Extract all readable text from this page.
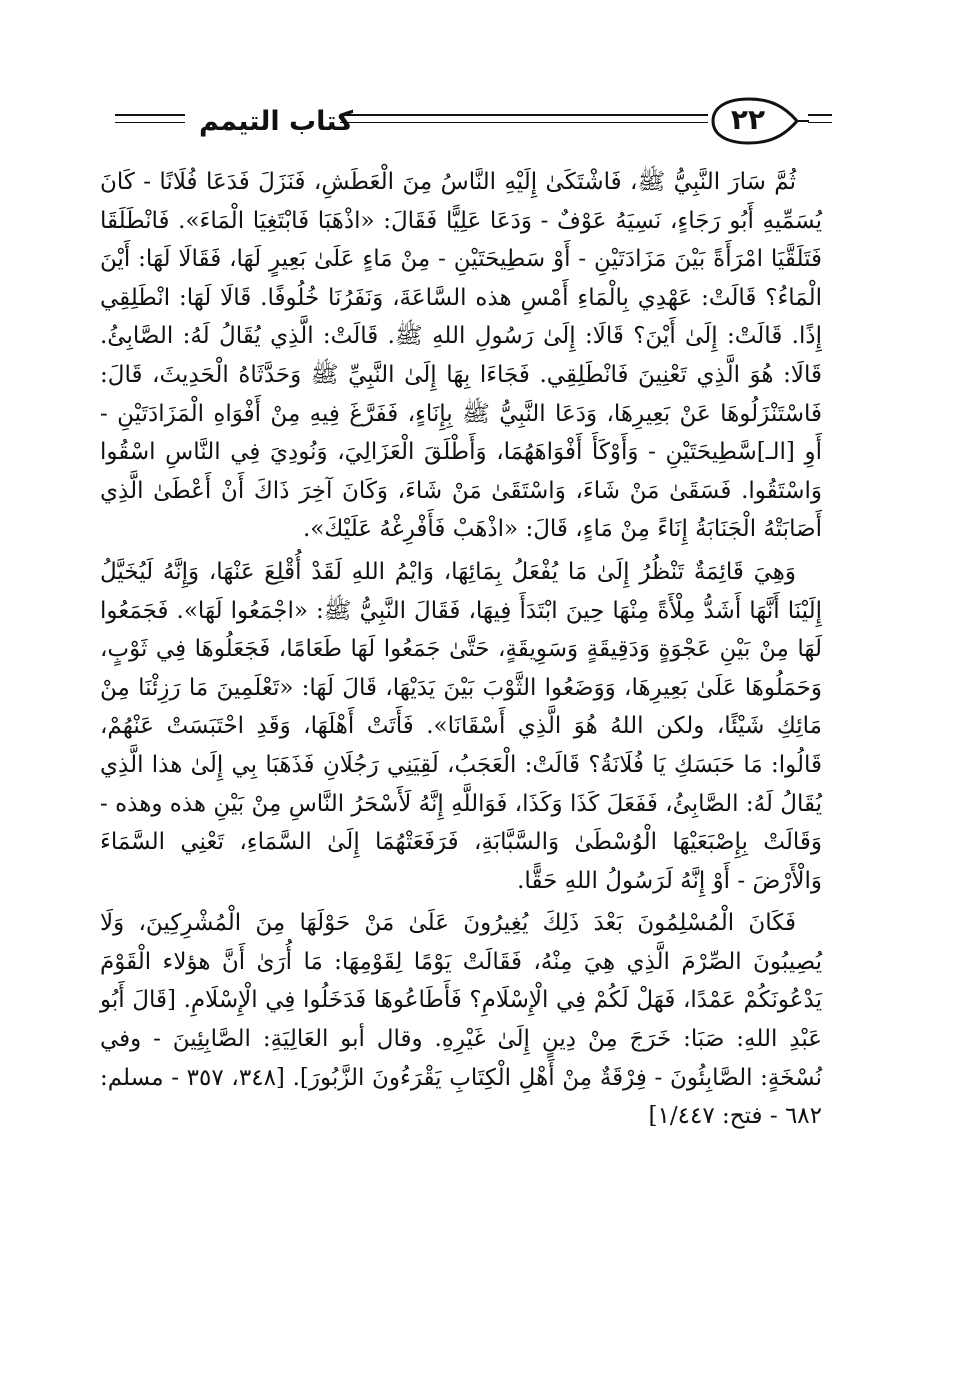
كتاب التيمم	٢٢

ثُمَّ سَارَ النَّبِيُّ ﷺ، فَاشْتَكَىٰ إِلَيْهِ النَّاسُ مِنَ الْعَطَشِ، فَنَزَلَ فَدَعَا فُلَانًا - كَانَ يُسَمِّيهِ أَبُو رَجَاءٍ، نَسِيَهُ عَوْفٌ - وَدَعَا عَلِيًّا فَقَالَ: «اذْهَبَا فَابْتَغِيَا الْمَاءَ». فَانْطَلَقَا فَتَلَقَّيَا امْرَأَةً بَيْنَ مَزَادَتَيْنِ - أَوْ سَطِيحَتَيْنِ - مِنْ مَاءٍ عَلَىٰ بَعِيرٍ لَهَا، فَقَالَا لَهَا: أَيْنَ الْمَاءُ؟ قَالَتْ: عَهْدِي بِالْمَاءِ أَمْسِ هذه السَّاعَةَ، وَنَفَرُنَا خُلُوفًا. قَالَا لَهَا: انْطَلِقِي إِذًا. قَالَتْ: إِلَىٰ أَيْنَ؟ قَالَا: إِلَىٰ رَسُولِ اللهِ ﷺ. قَالَتْ: الَّذِي يُقَالُ لَهُ: الصَّابِئُ. قَالَا: هُوَ الَّذِي تَعْنِينَ فَانْطَلِقِي. فَجَاءَا بِهَا إِلَىٰ النَّبِيِّ ﷺ وَحَدَّثَاهُ الْحَدِيثَ، قَالَ: فَاسْتَنْزَلُوهَا عَنْ بَعِيرِهَا، وَدَعَا النَّبِيُّ ﷺ بِإِنَاءٍ، فَفَرَّغَ فِيهِ مِنْ أَفْوَاهِ الْمَزَادَتَيْنِ - أَوِ [الـ]سَّطِيحَتَيْنِ - وَأَوْكَأَ أَفْوَاهَهُمَا، وَأَطْلَقَ الْعَزَالِيَ، وَنُودِيَ فِي النَّاسِ اسْقُوا وَاسْتَقُوا. فَسَقَىٰ مَنْ شَاءَ، وَاسْتَقَىٰ مَنْ شَاءَ، وَكَانَ آخِرَ ذَاكَ أَنْ أَعْطَىٰ الَّذِي أَصَابَتْهُ الْجَنَابَةُ إِنَاءً مِنْ مَاءٍ، قَالَ: «اذْهَبْ فَأَفْرِغْهُ عَلَيْكَ».

وَهِيَ قَائِمَةٌ تَنْظُرُ إِلَىٰ مَا يُفْعَلُ بِمَائِهَا، وَايْمُ اللهِ لَقَدْ أُقْلِعَ عَنْهَا، وَإِنَّهُ لَيُخَيَّلُ إِلَيْنَا أَنَّهَا أَشَدُّ مِلْأَةً مِنْهَا حِينَ ابْتَدَأَ فِيهَا، فَقَالَ النَّبِيُّ ﷺ: «اجْمَعُوا لَهَا». فَجَمَعُوا لَهَا مِنْ بَيْنِ عَجْوَةٍ وَدَقِيقَةٍ وَسَوِيقَةٍ، حَتَّىٰ جَمَعُوا لَهَا طَعَامًا، فَجَعَلُوهَا فِي ثَوْبٍ، وَحَمَلُوهَا عَلَىٰ بَعِيرِهَا، وَوَضَعُوا الثَّوْبَ بَيْنَ يَدَيْهَا، قَالَ لَهَا: «تَعْلَمِينَ مَا رَزِئْنَا مِنْ مَائِكِ شَيْئًا، ولكن اللهُ هُوَ الَّذِي أَسْقَانَا». فَأَتَتْ أَهْلَهَا، وَقَدِ احْتَبَسَتْ عَنْهُمْ، قَالُوا: مَا حَبَسَكِ يَا فُلَانَةُ؟ قَالَتْ: الْعَجَبُ، لَقِيَنِي رَجُلَانِ فَذَهَبَا بِي إِلَىٰ هذا الَّذِي يُقَالُ لَهُ: الصَّابِئُ، فَفَعَلَ كَذَا وَكَذَا، فَوَاللَّهِ إِنَّهُ لَأَسْحَرُ النَّاسِ مِنْ بَيْنِ هذه وهذه - وَقَالَتْ بِإِصْبَعَيْهَا الْوُسْطَىٰ وَالسَّبَّابَةِ، فَرَفَعَتْهُمَا إِلَىٰ السَّمَاءِ، تَعْنِي السَّمَاءَ وَالْأَرْضَ - أَوْ إِنَّهُ لَرَسُولُ اللهِ حَقًّا.

فَكَانَ الْمُسْلِمُونَ بَعْدَ ذَلِكَ يُغِيرُونَ عَلَىٰ مَنْ حَوْلَهَا مِنَ الْمُشْرِكِينَ، وَلَا يُصِيبُونَ الصِّرْمَ الَّذِي هِيَ مِنْهُ، فَقَالَتْ يَوْمًا لِقَوْمِهَا: مَا أُرَىٰ أَنَّ هؤلاء الْقَوْمَ يَدْعُونَكُمْ عَمْدًا، فَهَلْ لَكُمْ فِي الْإِسْلَامِ؟ فَأَطَاعُوهَا فَدَخَلُوا فِي الْإِسْلَامِ. [قَالَ أَبُو عَبْدِ اللهِ: صَبَا: خَرَجَ مِنْ دِينٍ إِلَىٰ غَيْرِهِ. وقال أبو العَالِيَةِ: الصَّابِئِينَ - وفي نُسْخَةٍ: الصَّابِئُونَ - فِرْقَةٌ مِنْ أَهْلِ الْكِتَابِ يَقْرَءُونَ الزَّبُورَ]. [٣٤٨، ٣٥٧ - مسلم: ٦٨٢ - فتح: ١/٤٤٧]
